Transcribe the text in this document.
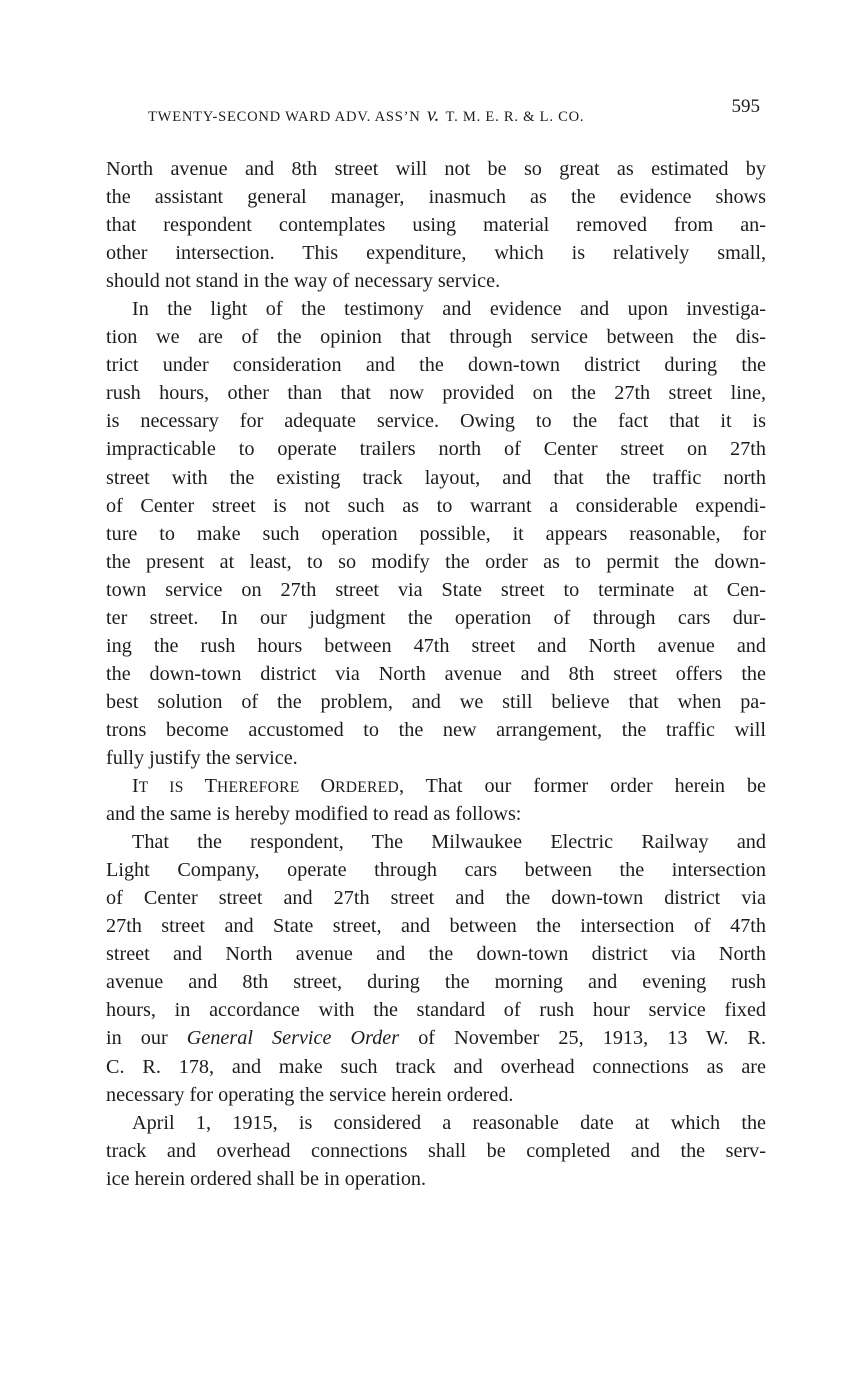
TWENTY-SECOND WARD ADV. ASS’N v. T. M. E. R. & L. CO.	595
North avenue and 8th street will not be so great as estimated by
the assistant general manager, inasmuch as the evidence shows
that respondent contemplates using material removed from an-
other intersection. This expenditure, which is relatively small,
should not stand in the way of necessary service.
In the light of the testimony and evidence and upon investiga-
tion we are of the opinion that through service between the dis-
trict under consideration and the down-town district during the
rush hours, other than that now provided on the 27th street line,
is necessary for adequate service. Owing to the fact that it is
impracticable to operate trailers north of Center street on 27th
street with the existing track layout, and that the traffic north
of Center street is not such as to warrant a considerable expendi-
ture to make such operation possible, it appears reasonable, for
the present at least, to so modify the order as to permit the down-
town service on 27th street via State street to terminate at Cen-
ter street. In our judgment the operation of through cars dur-
ing the rush hours between 47th street and North avenue and
the down-town district via North avenue and 8th street offers the
best solution of the problem, and we still believe that when pa-
trons become accustomed to the new arrangement, the traffic will
fully justify the service.
IT IS THEREFORE ORDERED, That our former order herein be
and the same is hereby modified to read as follows:
That the respondent, The Milwaukee Electric Railway and
Light Company, operate through cars between the intersection
of Center street and 27th street and the down-town district via
27th street and State street, and between the intersection of 47th
street and North avenue and the down-town district via North
avenue and 8th street, during the morning and evening rush
hours, in accordance with the standard of rush hour service fixed
in our General Service Order of November 25, 1913, 13 W. R.
C. R. 178, and make such track and overhead connections as are
necessary for operating the service herein ordered.
April 1, 1915, is considered a reasonable date at which the
track and overhead connections shall be completed and the serv-
ice herein ordered shall be in operation.
